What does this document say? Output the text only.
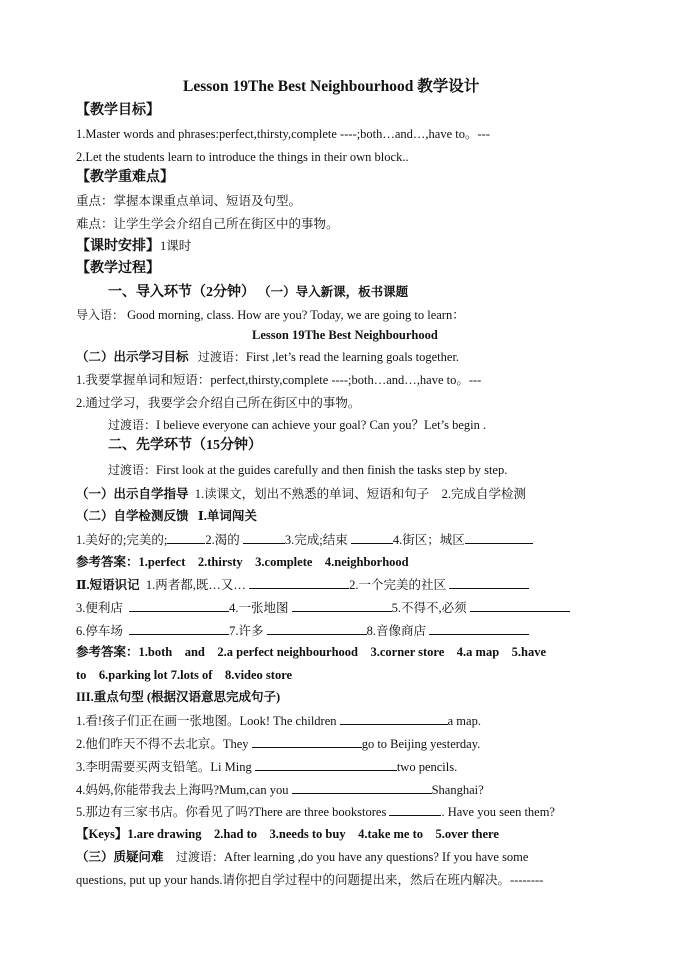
Lesson 19The Best Neighbourhood 教学设计
【教学目标】
1.Master words and phrases:perfect,thirsty,complete ----;both…and…,have to。---
2.Let the students learn to introduce the things in their own block..
【教学重难点】
重点：掌握本课重点单词、短语及句型。
难点：让学生学会介绍自己所在街区中的事物。
【课时安排】1课时
【教学过程】
一、导入环节（2分钟） （一）导入新课，板书课题
导入语： Good morning, class. How are you? Today, we are going to learn：
Lesson 19The Best Neighbourhood
（二）出示学习目标 过渡语：First ,let’s read the learning goals together.
1.我要掌握单词和短语：perfect,thirsty,complete ----;both…and…,have to。---
2.通过学习，我要学会介绍自己所在街区中的事物。
过渡语：I believe everyone can achieve your goal? Can you？Let’s begin .
二、先学环节（15分钟）
过渡语：First look at the guides carefully and then finish the tasks step by step.
（一）出示自学指导 1.读课文，划出不熟悉的单词、短语和句子　2.完成自学检测
（二）自学检测反馈 Ⅰ.单词闯关
1.美好的;完美的;	2.渴的	3.完成;结束	4.街区；城区
参考答案：1.perfect　2.thirsty　3.complete　4.neighborhood
Ⅱ.短语识记 1.两者都,既…又…	2.一个完美的社区
3.便利店	4.一张地图	5.不得不,必须
6.停车场	7.许多	8.音像商店
参考答案：1.both　and　2.a perfect neighbourhood　3.corner store　4.a map　5.have
to　6.parking lot 7.lots of　8.video store
III.重点句型 (根据汉语意思完成句子)
1.看!孩子们正在画一张地图。Look! The children	a map.
2.他们昨天不得不去北京。They	go to Beijing yesterday.
3.李明需要买两支铅笔。Li Ming	two pencils.
4.妈妈,你能带我去上海吗?Mum,can you	Shanghai?
5.那边有三家书店。你看见了吗?There are three bookstores	. Have you seen them?
【Keys】1.are drawing　2.had to　3.needs to buy　4.take me to　5.over there
（三）质疑问难 过渡语：After learning ,do you have any questions? If you have some
questions, put up your hands.请你把自学过程中的问题提出来，然后在班内解决。--------
